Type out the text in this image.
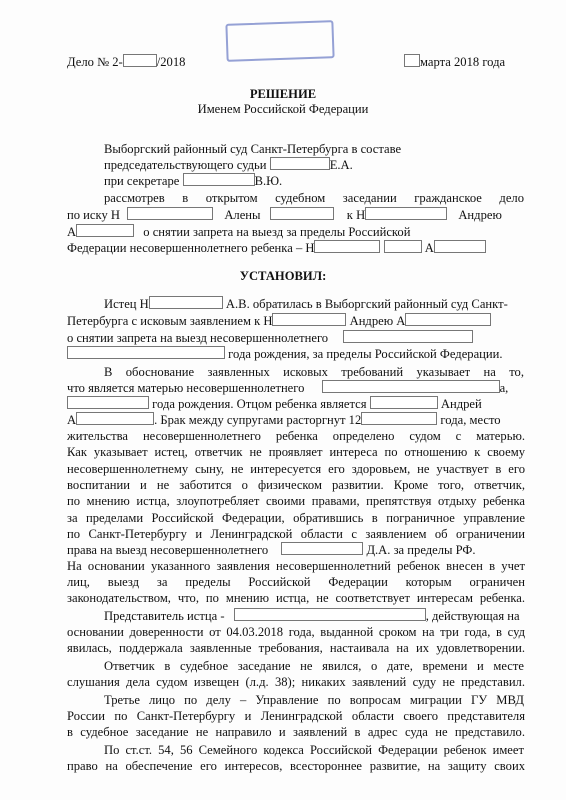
Дело № 2-	/2018	марта 2018 года
РЕШЕНИЕ
Именем Российской Федерации
Выборгский районный суд Санкт-Петербурга в составе
председательствующего судьи	Е.А.
при секретаре	В.Ю.
рассмотрев в открытом судебном заседании гражданское дело
по иску Н	Алены	к Н	Андрею
А	о снятии запрета на выезд за пределы Российской
Федерации несовершеннолетнего ребенка – Н	А
УСТАНОВИЛ:
Истец Н	А.В. обратилась в Выборгский районный суд Санкт-
Петербурга с исковым заявлением к Н	Андрею А
о снятии запрета на выезд несовершеннолетнего
года рождения, за пределы Российской Федерации.
В обоснование заявленных исковых требований указывает на то,
что является матерью несовершеннолетнего	а,
года рождения. Отцом ребенка является	Андрей
А	. Брак между супругами расторгнут 12	года, место
жительства несовершеннолетнего ребенка определено судом с матерью.
Как указывает истец, ответчик не проявляет интереса по отношению к своему
несовершеннолетнему сыну, не интересуется его здоровьем, не участвует в его
воспитании и не заботится о физическом развитии. Кроме того, ответчик,
по мнению истца, злоупотребляет своими правами, препятствуя отдыху ребенка
за пределами Российской Федерации, обратившись в пограничное управление
по Санкт-Петербургу и Ленинградской области с заявлением об ограничении
права на выезд несовершеннолетнего	Д.А. за пределы РФ.
На основании указанного заявления несовершеннолетний ребенок внесен в учет
лиц, выезд за пределы Российской Федерации которым ограничен
законодательством, что, по мнению истца, не соответствует интересам ребенка.
Представитель истца -	, действующая на
основании доверенности от 04.03.2018 года, выданной сроком на три года, в суд
явилась, поддержала заявленные требования, настаивала на их удовлетворении.
Ответчик в судебное заседание не явился, о дате, времени и месте
слушания дела судом извещен (л.д. 38); никаких заявлений суду не представил.
Третье лицо по делу – Управление по вопросам миграции ГУ МВД
России по Санкт-Петербургу и Ленинградской области своего представителя
в судебное заседание не направило и заявлений в адрес суда не представило.
По ст.ст. 54, 56 Семейного кодекса Российской Федерации ребенок имеет
право на обеспечение его интересов, всестороннее развитие, на защиту своих
